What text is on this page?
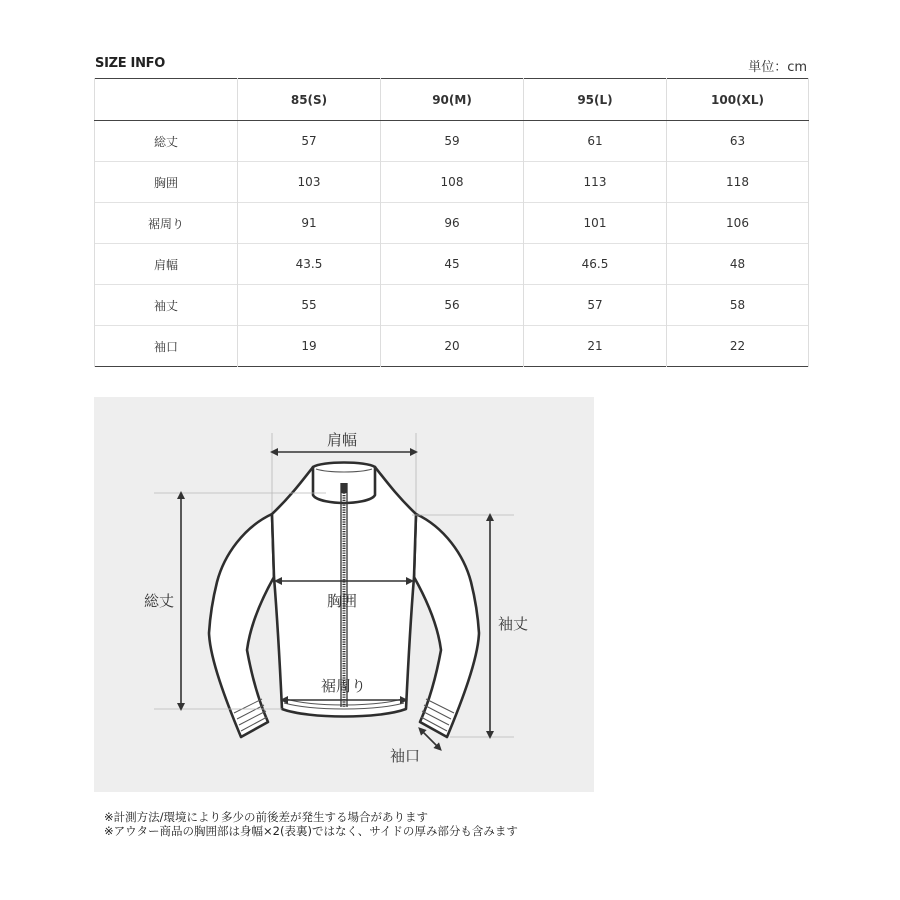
SIZE INFO	単位：cm
	85(S)	90(M)	95(L)	100(XL)
総丈	57	59	61	63
胸囲	103	108	113	118
裾周り	91	96	101	106
肩幅	43.5	45	46.5	48
袖丈	55	56	57	58
袖口	19	20	21	22
肩幅
総丈	胸囲
裾周り
袖丈
袖口
※計測方法/環境により多少の前後差が発生する場合があります
※アウター商品の胸囲部は身幅×2(表裏)ではなく、サイドの厚み部分も含みます
